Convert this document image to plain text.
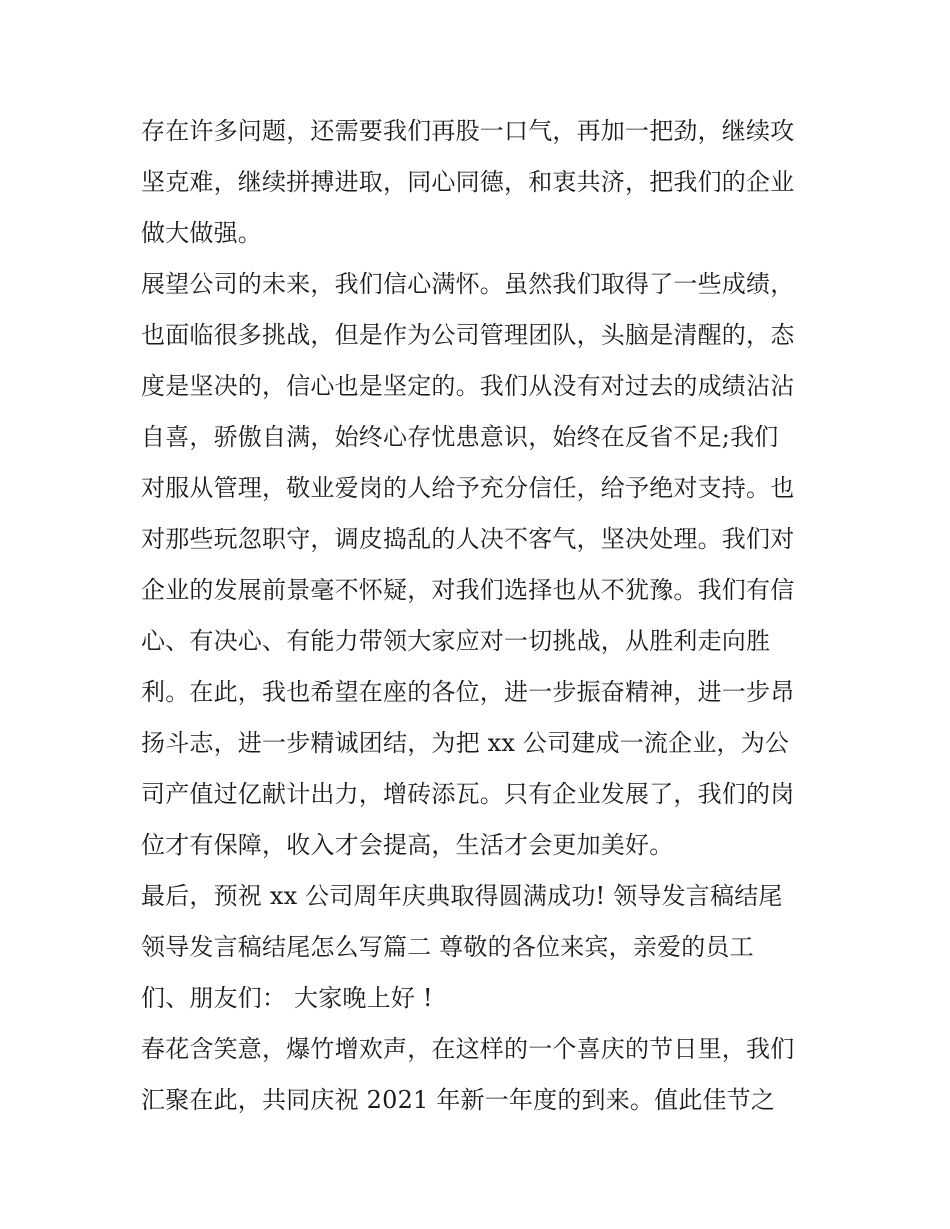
存在许多问题，还需要我们再股一口气，再加一把劲，继续攻
坚克难，继续拼搏进取，同心同德，和衷共济，把我们的企业
做大做强。
展望公司的未来，我们信心满怀。虽然我们取得了一些成绩，
也面临很多挑战，但是作为公司管理团队，头脑是清醒的，态
度是坚决的，信心也是坚定的。我们从没有对过去的成绩沾沾
自喜，骄傲自满，始终心存忧患意识，始终在反省不足;我们
对服从管理，敬业爱岗的人给予充分信任，给予绝对支持。也
对那些玩忽职守，调皮捣乱的人决不客气，坚决处理。我们对
企业的发展前景毫不怀疑，对我们选择也从不犹豫。我们有信
心、有决心、有能力带领大家应对一切挑战，从胜利走向胜
利。在此，我也希望在座的各位，进一步振奋精神，进一步昂
扬斗志，进一步精诚团结，为把 xx 公司建成一流企业，为公
司产值过亿献计出力，增砖添瓦。只有企业发展了，我们的岗
位才有保障，收入才会提高，生活才会更加美好。
最后，预祝 xx 公司周年庆典取得圆满成功! 领导发言稿结尾
领导发言稿结尾怎么写篇二 尊敬的各位来宾，亲爱的员工
们、朋友们： 大家晚上好 !
春花含笑意，爆竹增欢声，在这样的一个喜庆的节日里，我们
汇聚在此，共同庆祝 2021 年新一年度的到来。值此佳节之
